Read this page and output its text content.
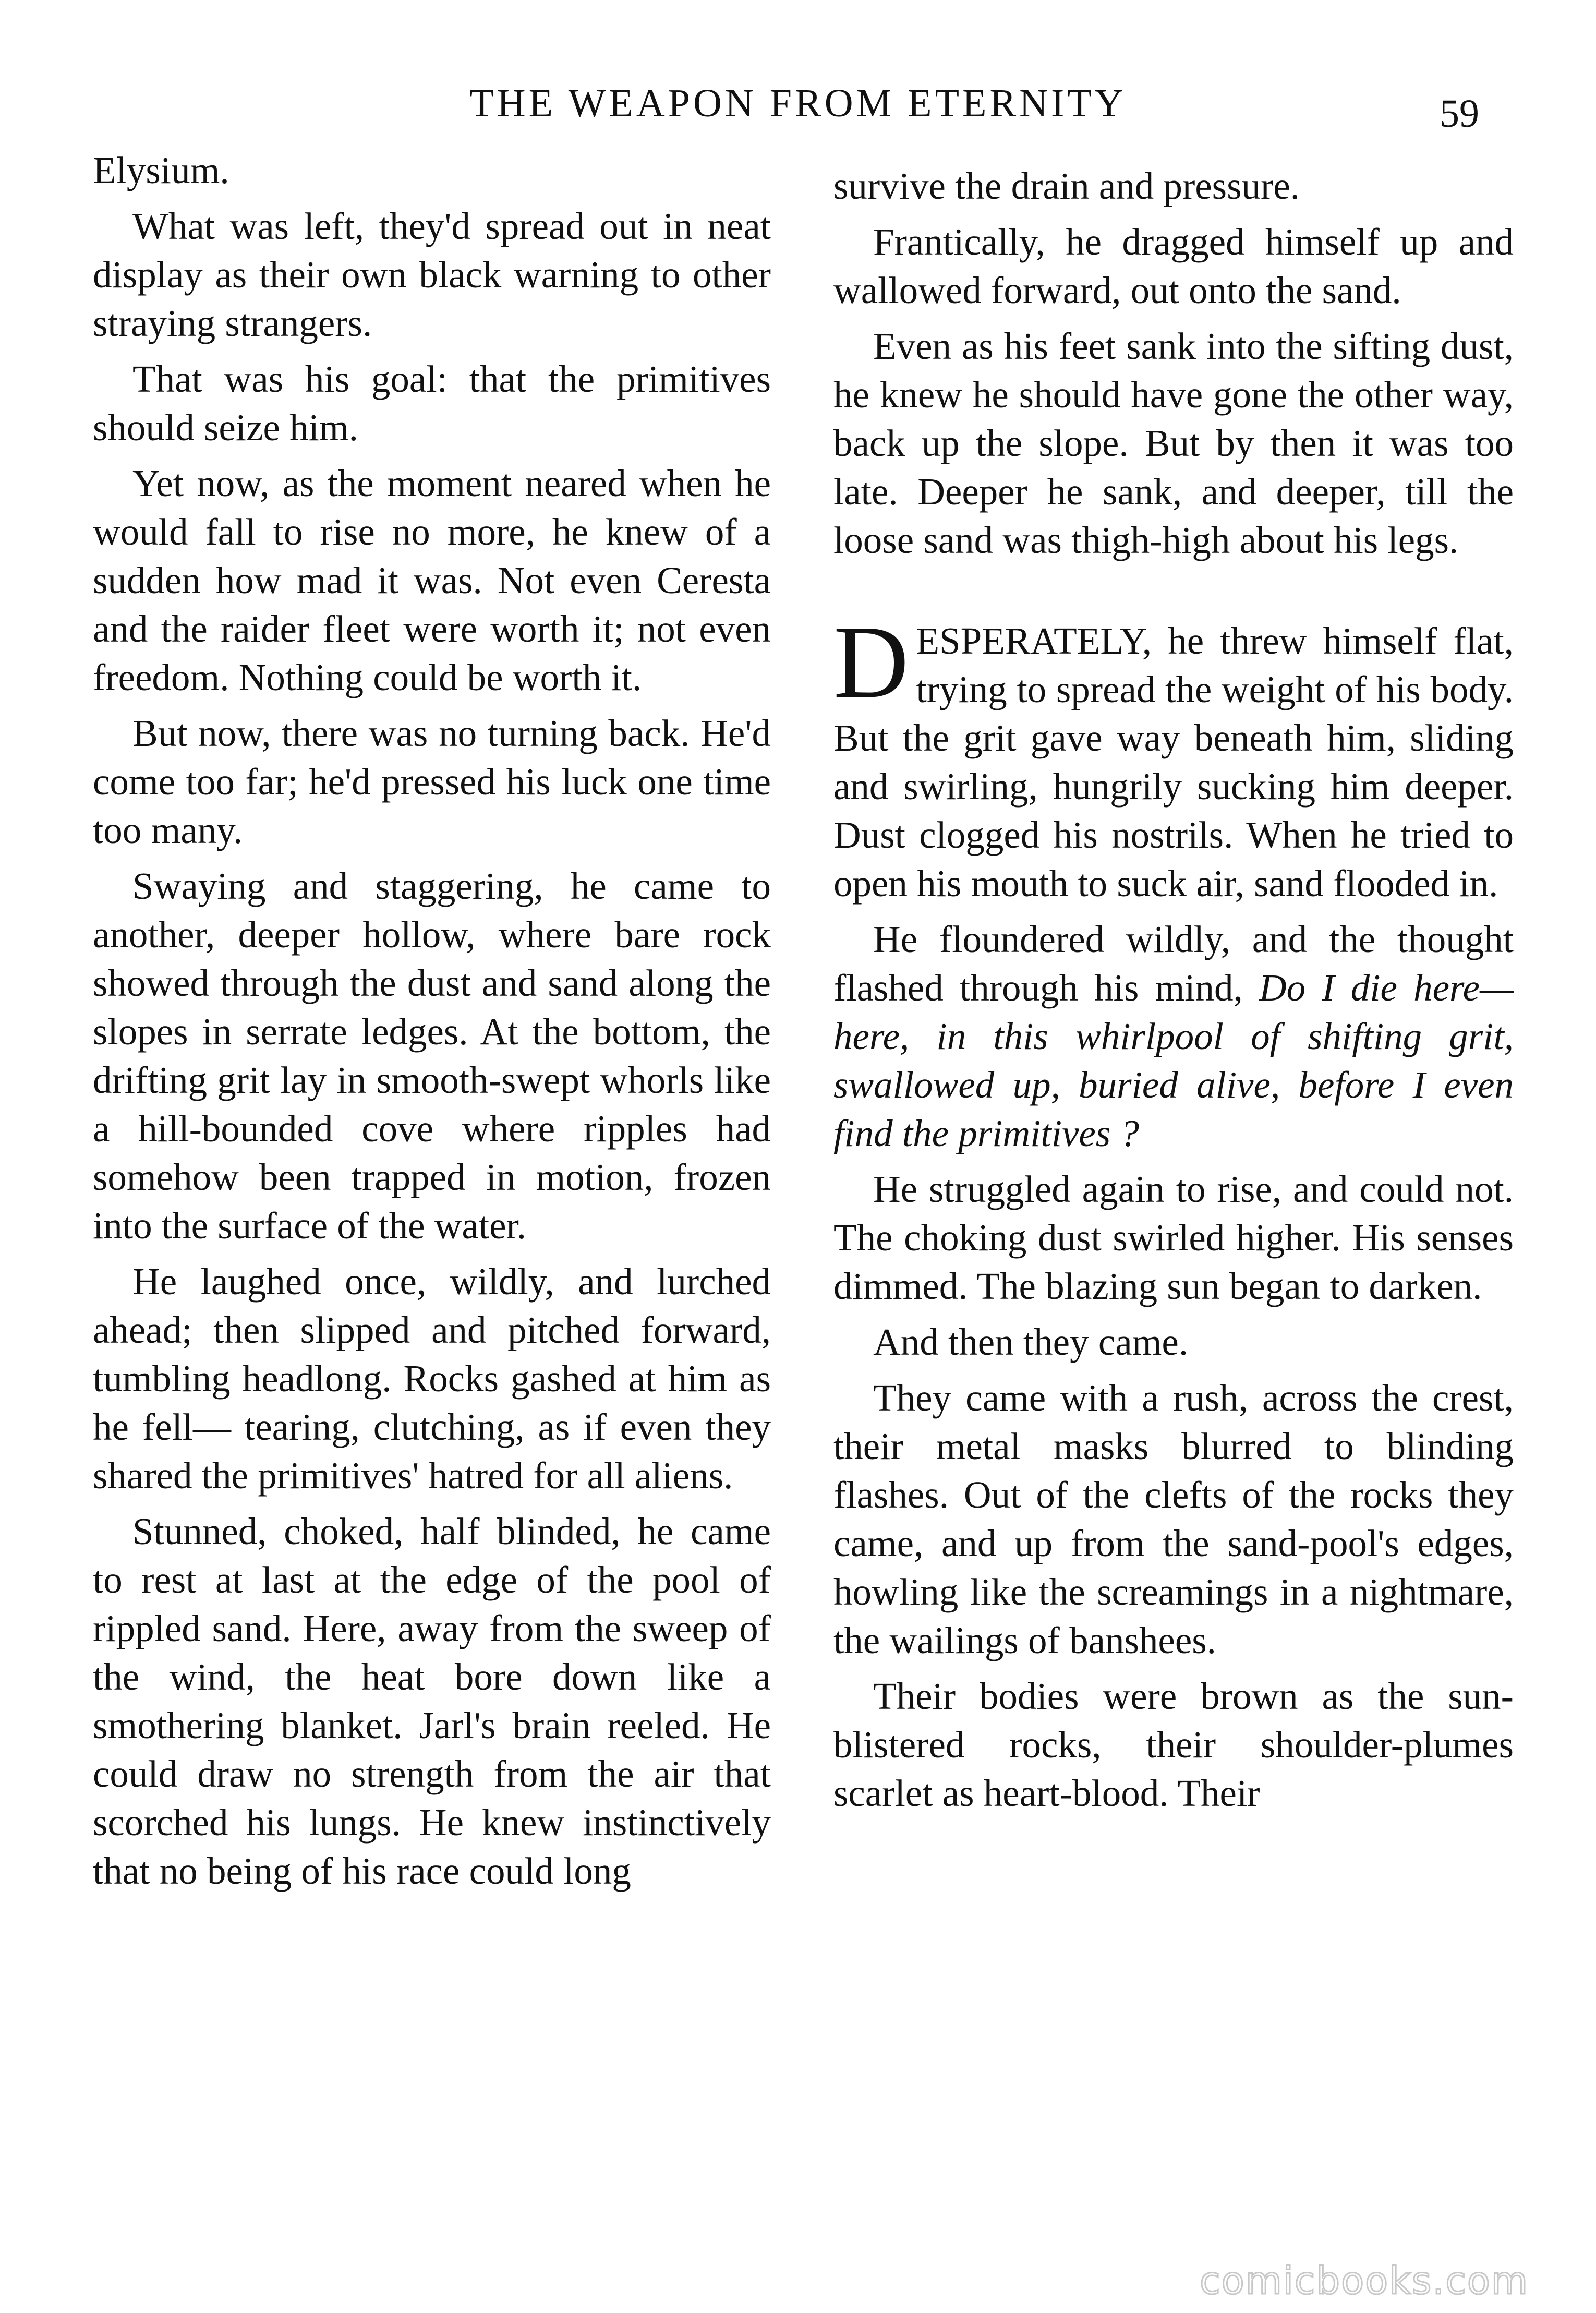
THE WEAPON FROM ETERNITY	59

Elysium.

What was left, they'd spread out in neat display as their own black warning to other straying strangers.

That was his goal: that the primitives should seize him.

Yet now, as the moment neared when he would fall to rise no more, he knew of a sudden how mad it was. Not even Ceresta and the raider fleet were worth it; not even freedom. Nothing could be worth it.

But now, there was no turning back. He'd come too far; he'd pressed his luck one time too many.

Swaying and staggering, he came to another, deeper hollow, where bare rock showed through the dust and sand along the slopes in serrate ledges. At the bottom, the drifting grit lay in smooth-swept whorls like a hill-bounded cove where ripples had somehow been trapped in motion, frozen into the surface of the water.

He laughed once, wildly, and lurched ahead; then slipped and pitched forward, tumbling headlong. Rocks gashed at him as he fell— tearing, clutching, as if even they shared the primitives' hatred for all aliens.

Stunned, choked, half blinded, he came to rest at last at the edge of the pool of rippled sand. Here, away from the sweep of the wind, the heat bore down like a smothering blanket. Jarl's brain reeled. He could draw no strength from the air that scorched his lungs. He knew instinctively that no being of his race could long

survive the drain and pressure.

Frantically, he dragged himself up and wallowed forward, out onto the sand.

Even as his feet sank into the sifting dust, he knew he should have gone the other way, back up the slope. But by then it was too late. Deeper he sank, and deeper, till the loose sand was thigh-high about his legs.

DESPERATELY, he threw himself flat, trying to spread the weight of his body. But the grit gave way beneath him, sliding and swirling, hungrily sucking him deeper. Dust clogged his nostrils. When he tried to open his mouth to suck air, sand flooded in.

He floundered wildly, and the thought flashed through his mind, Do I die here—here, in this whirlpool of shifting grit, swallowed up, buried alive, before I even find the primitives ?

He struggled again to rise, and could not. The choking dust swirled higher. His senses dimmed. The blazing sun began to darken.

And then they came.

They came with a rush, across the crest, their metal masks blurred to blinding flashes. Out of the clefts of the rocks they came, and up from the sand-pool's edges, howling like the screamings in a nightmare, the wailings of banshees.

Their bodies were brown as the sun-blistered rocks, their shoulder-plumes scarlet as heart-blood. Their

comicbooks.com
